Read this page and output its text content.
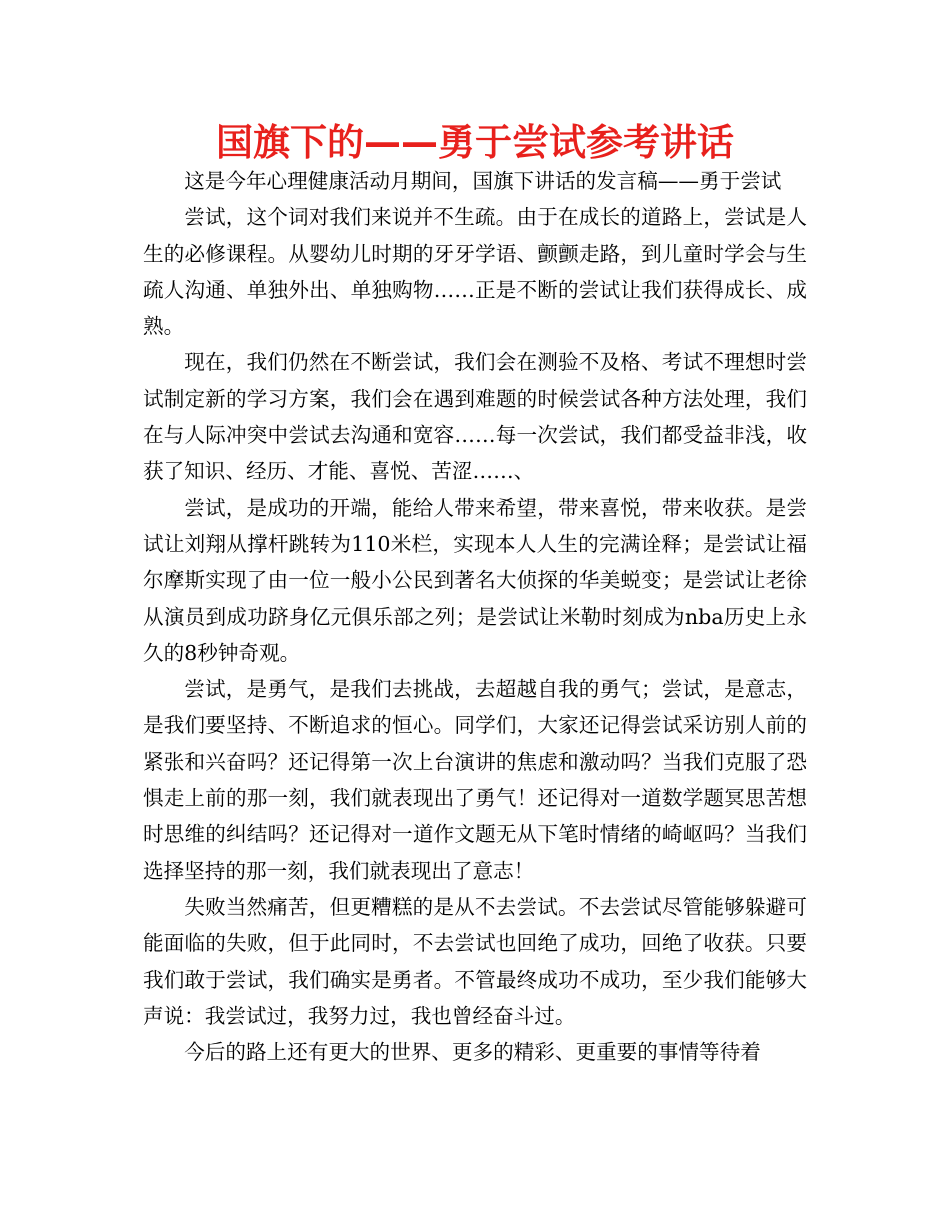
国旗下的——勇于尝试参考讲话

这是今年心理健康活动月期间，国旗下讲话的发言稿——勇于尝试

尝试，这个词对我们来说并不生疏。由于在成长的道路上，尝试是人生的必修课程。从婴幼儿时期的牙牙学语、颤颤走路，到儿童时学会与生疏人沟通、单独外出、单独购物……正是不断的尝试让我们获得成长、成熟。

现在，我们仍然在不断尝试，我们会在测验不及格、考试不理想时尝试制定新的学习方案，我们会在遇到难题的时候尝试各种方法处理，我们在与人际冲突中尝试去沟通和宽容……每一次尝试，我们都受益非浅，收获了知识、经历、才能、喜悦、苦涩……、

尝试，是成功的开端，能给人带来希望，带来喜悦，带来收获。是尝试让刘翔从撑杆跳转为110米栏，实现本人人生的完满诠释；是尝试让福尔摩斯实现了由一位一般小公民到著名大侦探的华美蜕变；是尝试让老徐从演员到成功跻身亿元俱乐部之列；是尝试让米勒时刻成为nba历史上永久的8秒钟奇观。

尝试，是勇气，是我们去挑战，去超越自我的勇气；尝试，是意志，是我们要坚持、不断追求的恒心。同学们，大家还记得尝试采访别人前的紧张和兴奋吗？还记得第一次上台演讲的焦虑和激动吗？当我们克服了恐惧走上前的那一刻，我们就表现出了勇气！还记得对一道数学题冥思苦想时思维的纠结吗？还记得对一道作文题无从下笔时情绪的崎岖吗？当我们选择坚持的那一刻，我们就表现出了意志！

失败当然痛苦，但更糟糕的是从不去尝试。不去尝试尽管能够躲避可能面临的失败，但于此同时，不去尝试也回绝了成功，回绝了收获。只要我们敢于尝试，我们确实是勇者。不管最终成功不成功，至少我们能够大声说：我尝试过，我努力过，我也曾经奋斗过。

今后的路上还有更大的世界、更多的精彩、更重要的事情等待着
